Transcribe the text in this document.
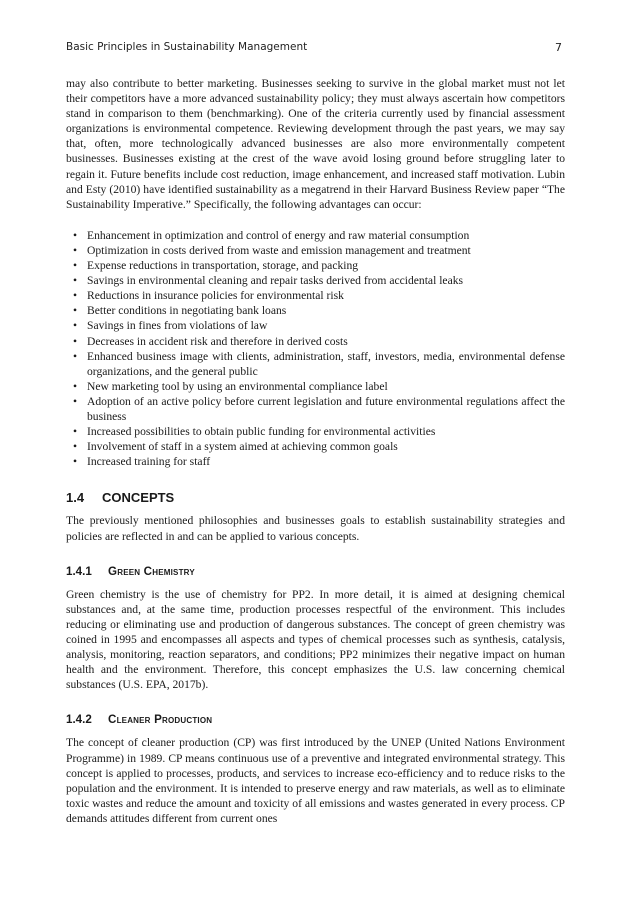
Basic Principles in Sustainability Management	7

may also contribute to better marketing. Businesses seeking to survive in the global market must not let their competitors have a more advanced sustainability policy; they must always ascertain how competitors stand in comparison to them (benchmarking). One of the criteria currently used by financial assessment organizations is environmental competence. Reviewing development through the past years, we may say that, often, more technologically advanced businesses are also more environmentally competent businesses. Businesses existing at the crest of the wave avoid losing ground before struggling later to regain it. Future benefits include cost reduction, image enhancement, and increased staff motivation. Lubin and Esty (2010) have identified sustainability as a megatrend in their Harvard Business Review paper “The Sustainability Imperative.” Specifically, the following advantages can occur:

• Enhancement in optimization and control of energy and raw material consumption
• Optimization in costs derived from waste and emission management and treatment
• Expense reductions in transportation, storage, and packing
• Savings in environmental cleaning and repair tasks derived from accidental leaks
• Reductions in insurance policies for environmental risk
• Better conditions in negotiating bank loans
• Savings in fines from violations of law
• Decreases in accident risk and therefore in derived costs
• Enhanced business image with clients, administration, staff, investors, media, environmental defense organizations, and the general public
• New marketing tool by using an environmental compliance label
• Adoption of an active policy before current legislation and future environmental regulations affect the business
• Increased possibilities to obtain public funding for environmental activities
• Involvement of staff in a system aimed at achieving common goals
• Increased training for staff
1.4 CONCEPTS

The previously mentioned philosophies and businesses goals to establish sustainability strategies and policies are reflected in and can be applied to various concepts.

1.4.1 Green Chemistry

Green chemistry is the use of chemistry for PP2. In more detail, it is aimed at designing chemical substances and, at the same time, production processes respectful of the environment. This includes reducing or eliminating use and production of dangerous substances. The concept of green chemistry was coined in 1995 and encompasses all aspects and types of chemical processes such as synthesis, catalysis, analysis, monitoring, reaction separators, and conditions; PP2 minimizes their negative impact on human health and the environment. Therefore, this concept emphasizes the U.S. law concerning chemical substances (U.S. EPA, 2017b).

1.4.2 Cleaner Production

The concept of cleaner production (CP) was first introduced by the UNEP (United Nations Environment Programme) in 1989. CP means continuous use of a preventive and integrated environmental strategy. This concept is applied to processes, products, and services to increase eco-efficiency and to reduce risks to the population and the environment. It is intended to preserve energy and raw materials, as well as to eliminate toxic wastes and reduce the amount and toxicity of all emissions and wastes generated in every process. CP demands attitudes different from current ones
